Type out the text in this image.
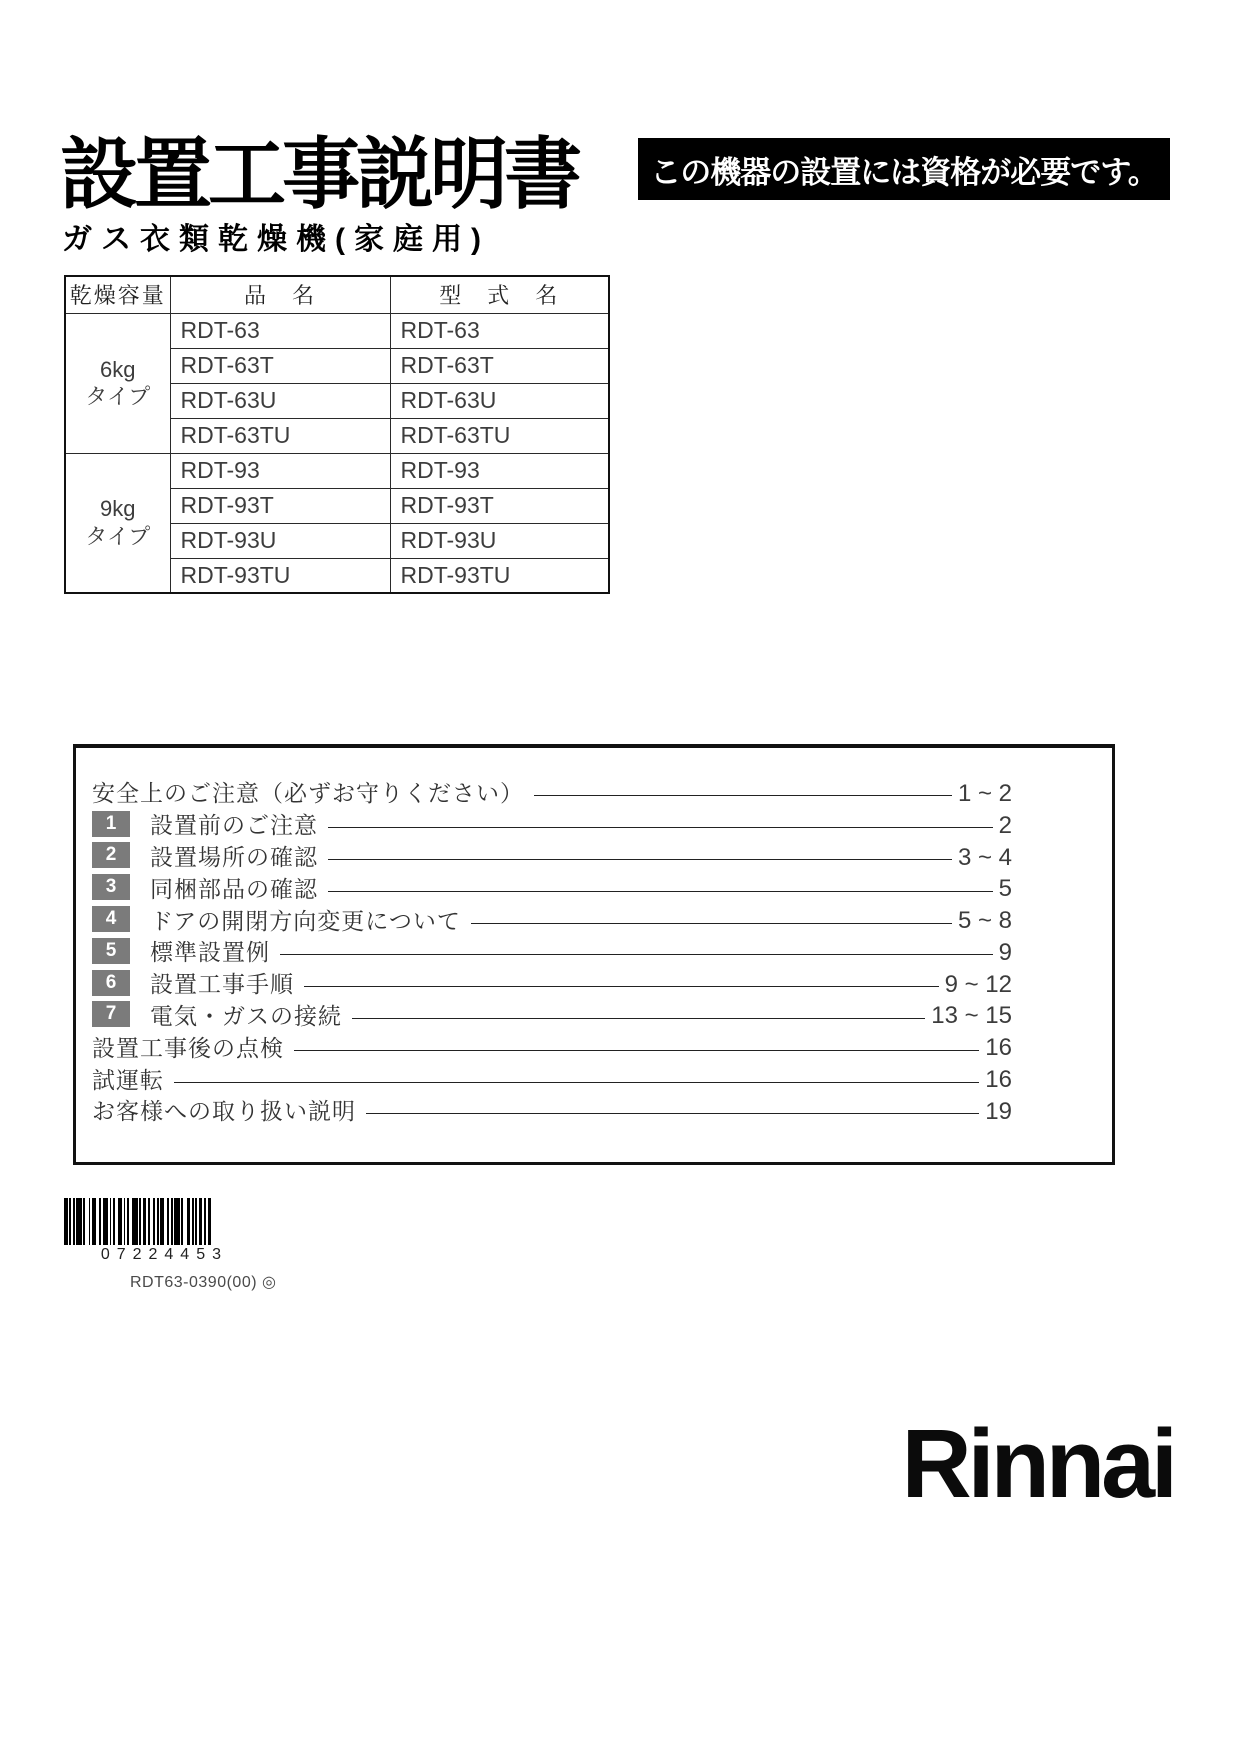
設置工事説明書 この機器の設置には資格が必要です。
ガス衣類乾燥機(家庭用)
乾燥容量	品　名	型　式　名
6kg
タイプ	RDT-63	RDT-63
	RDT-63T	RDT-63T
	RDT-63U	RDT-63U
	RDT-63TU	RDT-63TU
9kg
タイプ	RDT-93	RDT-93
	RDT-93T	RDT-93T
	RDT-93U	RDT-93U
	RDT-93TU	RDT-93TU
安全上のご注意（必ずお守りください）	1 ~ 2
1	設置前のご注意	2
2	設置場所の確認	3 ~ 4
3	同梱部品の確認	5
4	ドアの開閉方向変更について	5 ~ 8
5	標準設置例	9
6	設置工事手順	9 ~ 12
7	電気・ガスの接続	13 ~ 15
設置工事後の点検	16
試運転	16
お客様への取り扱い説明	19
07224453
RDT63-0390(00) ◎
Rinnai
